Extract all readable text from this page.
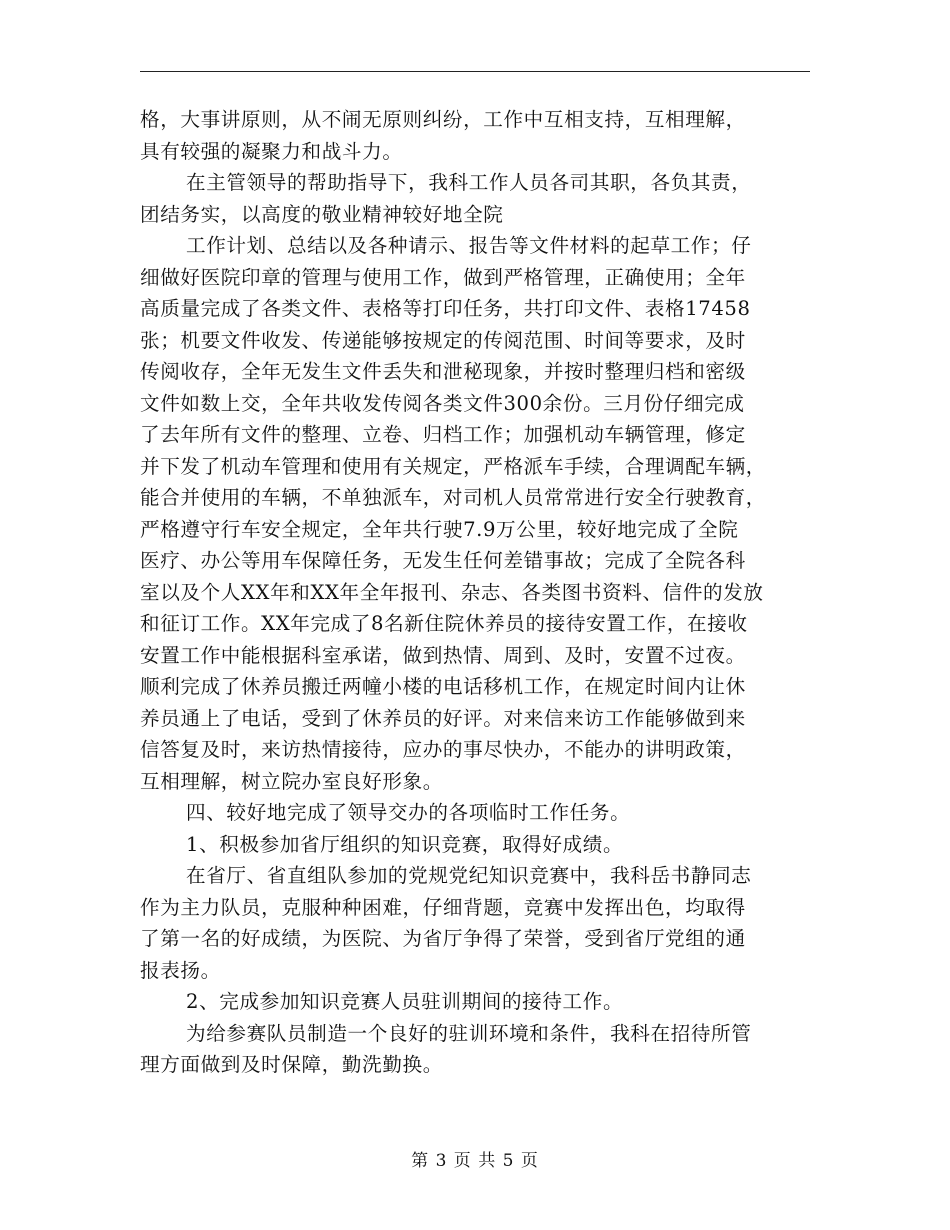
格，大事讲原则，从不闹无原则纠纷，工作中互相支持，互相理解，

具有较强的凝聚力和战斗力。

在主管领导的帮助指导下，我科工作人员各司其职，各负其责，

团结务实，以高度的敬业精神较好地全院

工作计划、总结以及各种请示、报告等文件材料的起草工作；仔

细做好医院印章的管理与使用工作，做到严格管理，正确使用；全年

高质量完成了各类文件、表格等打印任务，共打印文件、表格17458

张；机要文件收发、传递能够按规定的传阅范围、时间等要求，及时

传阅收存，全年无发生文件丢失和泄秘现象，并按时整理归档和密级

文件如数上交，全年共收发传阅各类文件300余份。三月份仔细完成

了去年所有文件的整理、立卷、归档工作；加强机动车辆管理，修定

并下发了机动车管理和使用有关规定，严格派车手续，合理调配车辆，

能合并使用的车辆，不单独派车，对司机人员常常进行安全行驶教育，

严格遵守行车安全规定，全年共行驶7.9万公里，较好地完成了全院

医疗、办公等用车保障任务，无发生任何差错事故；完成了全院各科

室以及个人XX年和XX年全年报刊、杂志、各类图书资料、信件的发放

和征订工作。XX年完成了8名新住院休养员的接待安置工作，在接收

安置工作中能根据科室承诺，做到热情、周到、及时，安置不过夜。

顺利完成了休养员搬迁两幢小楼的电话移机工作，在规定时间内让休

养员通上了电话，受到了休养员的好评。对来信来访工作能够做到来

信答复及时，来访热情接待，应办的事尽快办，不能办的讲明政策，

互相理解，树立院办室良好形象。

四、较好地完成了领导交办的各项临时工作任务。

1、积极参加省厅组织的知识竞赛，取得好成绩。

在省厅、省直组队参加的党规党纪知识竞赛中，我科岳书静同志

作为主力队员，克服种种困难，仔细背题，竞赛中发挥出色，均取得

了第一名的好成绩，为医院、为省厅争得了荣誉，受到省厅党组的通

报表扬。

2、完成参加知识竞赛人员驻训期间的接待工作。

为给参赛队员制造一个良好的驻训环境和条件，我科在招待所管

理方面做到及时保障，勤洗勤换。

第 3 页 共 5 页
